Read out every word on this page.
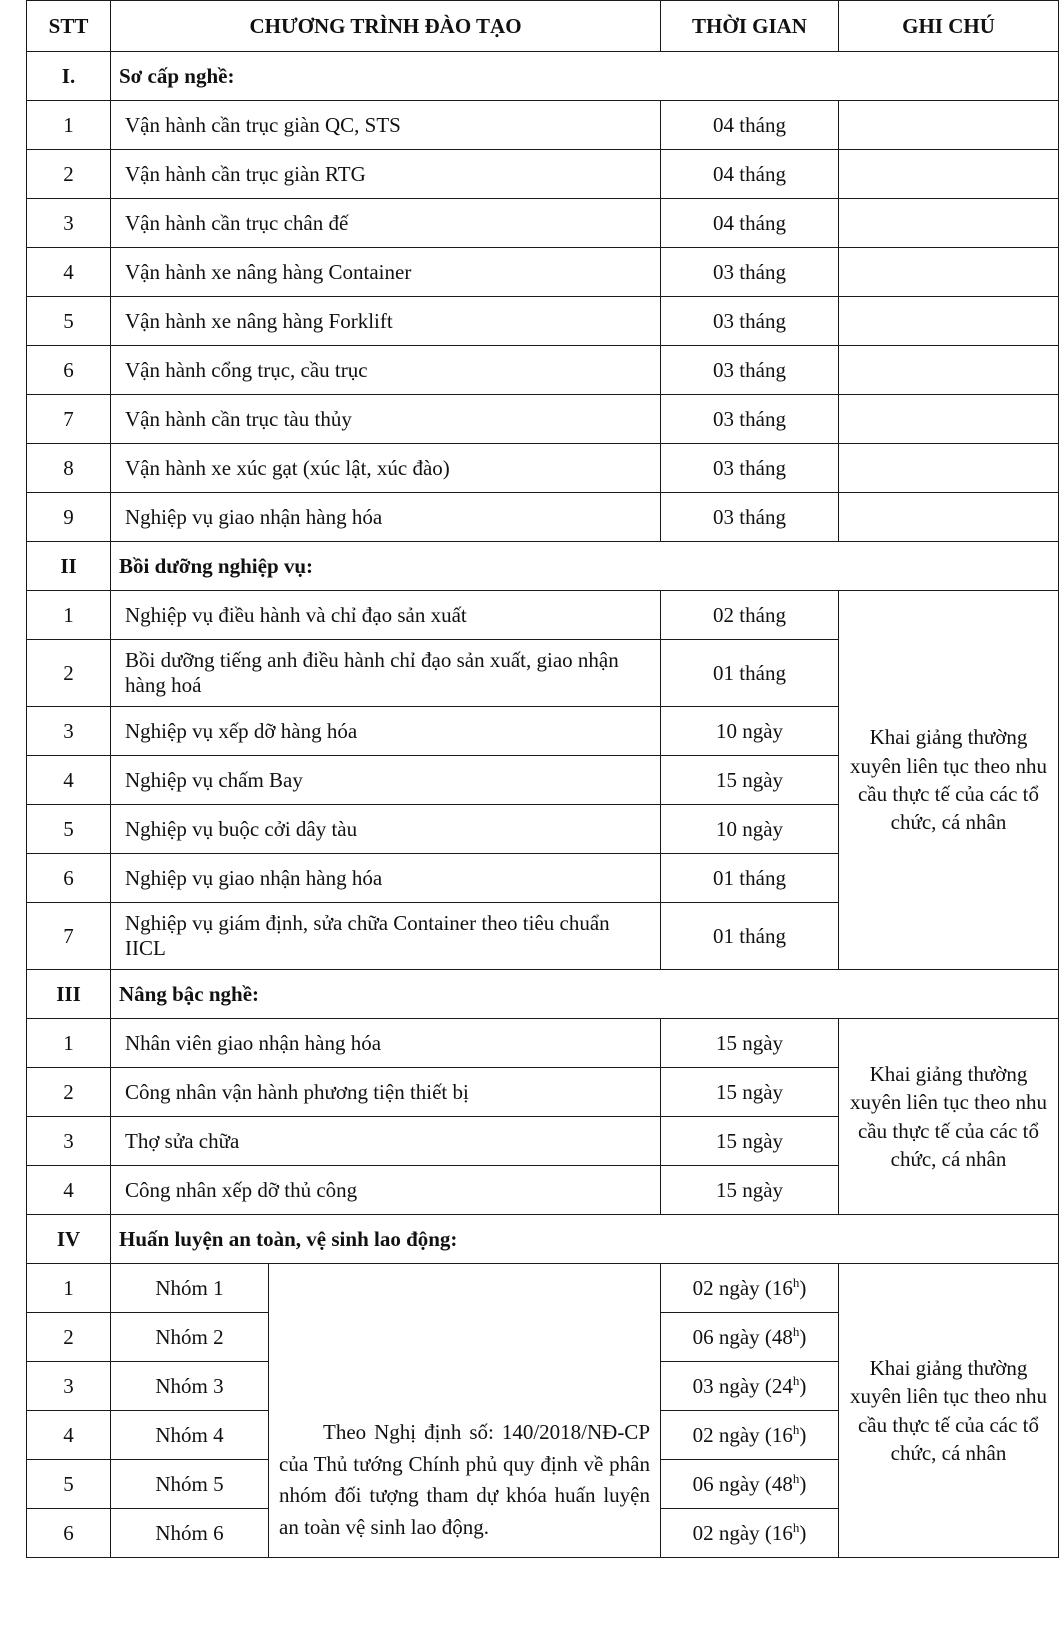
STT	CHƯƠNG TRÌNH ĐÀO TẠO		THỜI GIAN	GHI CHÚ
I.	Sơ cấp nghề:			
1	Vận hành cần trục giàn QC, STS		04 tháng	
2	Vận hành cần trục giàn RTG		04 tháng	
3	Vận hành cần trục chân đế		04 tháng	
4	Vận hành xe nâng hàng Container		03 tháng	
5	Vận hành xe nâng hàng Forklift		03 tháng	
6	Vận hành cổng trục, cầu trục		03 tháng	
7	Vận hành cần trục tàu thủy		03 tháng	
8	Vận hành xe xúc gạt (xúc lật, xúc đào)		03 tháng	
9	Nghiệp vụ giao nhận hàng hóa		03 tháng	
II	Bồi dưỡng nghiệp vụ:			
1	Nghiệp vụ điều hành và chỉ đạo sản xuất		02 tháng	Khai giảng thường xuyên liên tục theo nhu cầu thực tế của các tổ chức, cá nhân
2	Bồi dưỡng tiếng anh điều hành chỉ đạo sản xuất, giao nhận hàng hoá		01 tháng	
3	Nghiệp vụ xếp dỡ hàng hóa		10 ngày	
4	Nghiệp vụ chấm Bay		15 ngày	
5	Nghiệp vụ buộc cởi dây tàu		10 ngày	
6	Nghiệp vụ giao nhận hàng hóa		01 tháng	
7	Nghiệp vụ giám định, sửa chữa Container theo tiêu chuẩn IICL		01 tháng	
III	Nâng bậc nghề:			
1	Nhân viên giao nhận hàng hóa		15 ngày	Khai giảng thường xuyên liên tục theo nhu cầu thực tế của các tổ chức, cá nhân
2	Công nhân vận hành phương tiện thiết bị		15 ngày	
3	Thợ sửa chữa		15 ngày	
4	Công nhân xếp dỡ thủ công		15 ngày	
IV	Huấn luyện an toàn, vệ sinh lao động:			
1	Nhóm 1	Theo Nghị định số: 140/2018/NĐ-CP của Thủ tướng Chính phủ quy định về phân nhóm đối tượng tham dự khóa huấn luyện an toàn vệ sinh lao động.	02 ngày (16$^h$)	Khai giảng thường xuyên liên tục theo nhu cầu thực tế của các tổ chức, cá nhân
2	Nhóm 2		06 ngày (48$^h$)	
3	Nhóm 3		03 ngày (24$^h$)	
4	Nhóm 4		02 ngày (16$^h$)	
5	Nhóm 5		06 ngày (48$^h$)	
6	Nhóm 6		02 ngày (16$^h$)	
